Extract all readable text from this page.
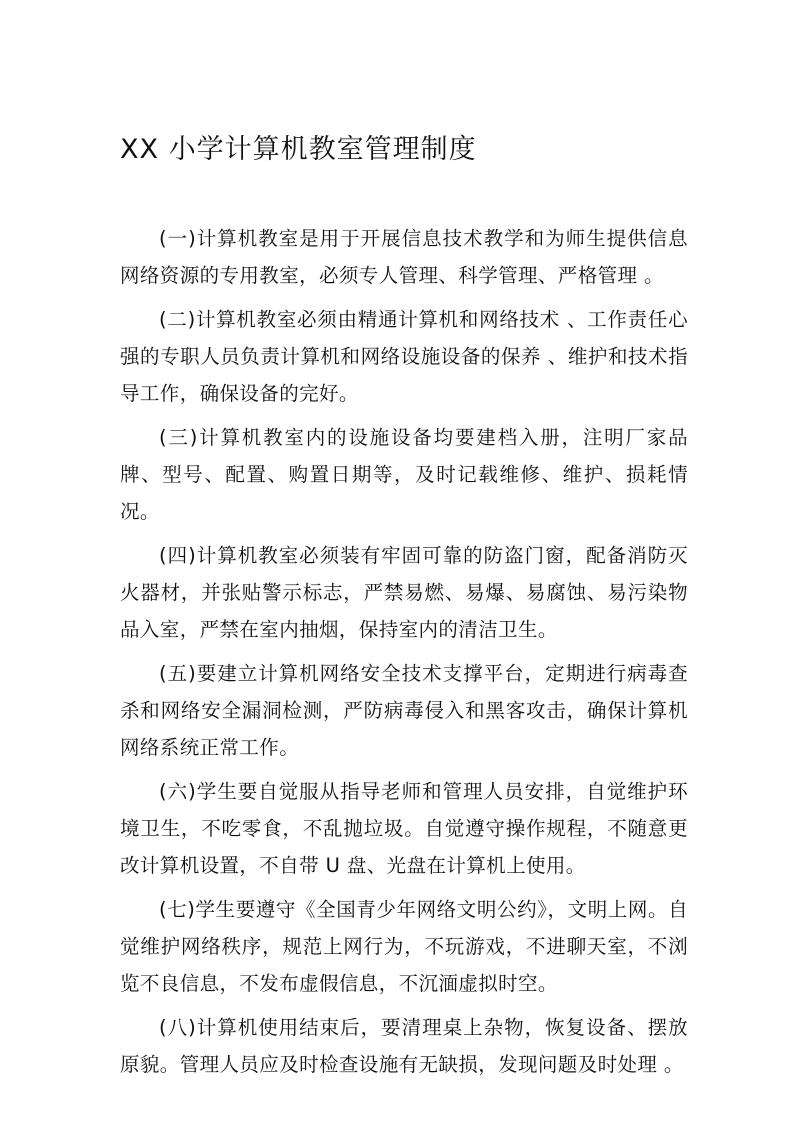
XX 小学计算机教室管理制度

(一)计算机教室是用于开展信息技术教学和为师生提供信息网络资源的专用教室，必须专人管理、科学管理、严格管理 。

(二)计算机教室必须由精通计算机和网络技术 、工作责任心强的专职人员负责计算机和网络设施设备的保养 、维护和技术指导工作，确保设备的完好。

(三)计算机教室内的设施设备均要建档入册，注明厂家品牌、型号、配置、购置日期等，及时记载维修、维护、损耗情况。

(四)计算机教室必须装有牢固可靠的防盗门窗，配备消防灭火器材，并张贴警示标志，严禁易燃、易爆、易腐蚀、易污染物品入室，严禁在室内抽烟，保持室内的清洁卫生。

(五)要建立计算机网络安全技术支撑平台，定期进行病毒查杀和网络安全漏洞检测，严防病毒侵入和黑客攻击，确保计算机网络系统正常工作。

(六)学生要自觉服从指导老师和管理人员安排，自觉维护环境卫生，不吃零食，不乱抛垃圾。自觉遵守操作规程，不随意更改计算机设置，不自带 U 盘、光盘在计算机上使用。

(七)学生要遵守《全国青少年网络文明公约》，文明上网。自觉维护网络秩序，规范上网行为，不玩游戏，不进聊天室，不浏览不良信息，不发布虚假信息，不沉湎虚拟时空。

(八)计算机使用结束后，要清理桌上杂物，恢复设备、摆放原貌。管理人员应及时检查设施有无缺损，发现问题及时处理 。
